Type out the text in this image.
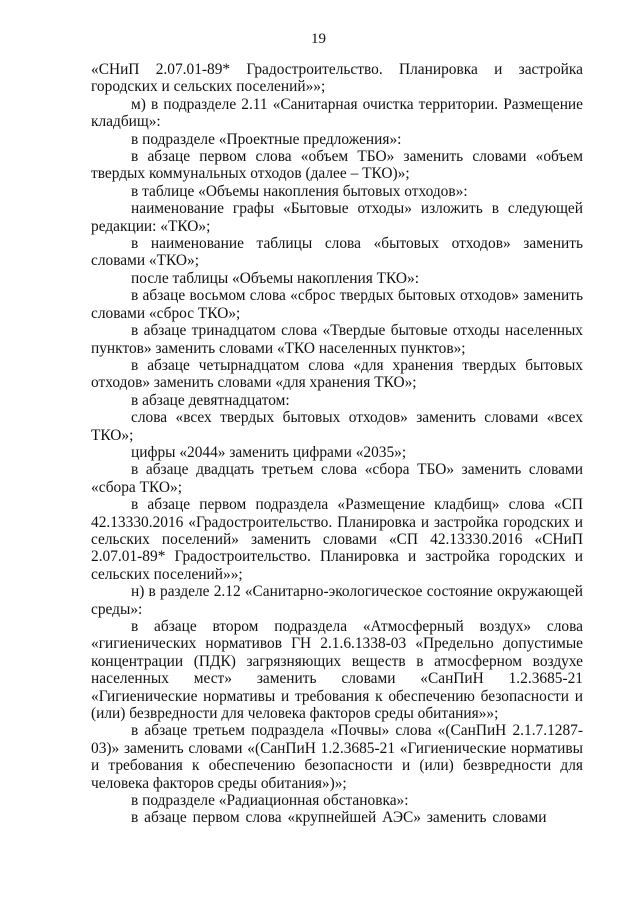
19

«СНиП 2.07.01-89* Градостроительство. Планировка и застройка городских и сельских поселений»»;

м) в подразделе 2.11 «Санитарная очистка территории. Размещение кладбищ»:

в подразделе «Проектные предложения»:

в абзаце первом слова «объем ТБО» заменить словами «объем твердых коммунальных отходов (далее – ТКО)»;

в таблице «Объемы накопления бытовых отходов»:

наименование графы «Бытовые отходы» изложить в следующей редакции: «ТКО»;

в наименование таблицы слова «бытовых отходов» заменить словами «ТКО»;

после таблицы «Объемы накопления ТКО»:

в абзаце восьмом слова «сброс твердых бытовых отходов» заменить словами «сброс ТКО»;

в абзаце тринадцатом слова «Твердые бытовые отходы населенных пунктов» заменить словами «ТКО населенных пунктов»;

в абзаце четырнадцатом слова «для хранения твердых бытовых отходов» заменить словами «для хранения ТКО»;

в абзаце девятнадцатом:

слова «всех твердых бытовых отходов» заменить словами «всех ТКО»;

цифры «2044» заменить цифрами «2035»;

в абзаце двадцать третьем слова «сбора ТБО» заменить словами «сбора ТКО»;

в абзаце первом подраздела «Размещение кладбищ» слова «СП 42.13330.2016 «Градостроительство. Планировка и застройка городских и сельских поселений» заменить словами «СП 42.13330.2016 «СНиП 2.07.01-89* Градостроительство. Планировка и застройка городских и сельских поселений»»;

н) в разделе 2.12 «Санитарно-экологическое состояние окружающей среды»:

в абзаце втором подраздела «Атмосферный воздух» слова «гигиенических нормативов ГН 2.1.6.1338-03 «Предельно допустимые концентрации (ПДК) загрязняющих веществ в атмосферном воздухе населенных мест» заменить словами «СанПиН 1.2.3685-21 «Гигиенические нормативы и требования к обеспечению безопасности и (или) безвредности для человека факторов среды обитания»»;

в абзаце третьем подраздела «Почвы» слова «(СанПиН 2.1.7.1287-03)» заменить словами «(СанПиН 1.2.3685-21 «Гигиенические нормативы и требования к обеспечению безопасности и (или) безвредности для человека факторов среды обитания»)»;

в подразделе «Радиационная обстановка»:

в абзаце первом слова «крупнейшей АЭС» заменить словами
